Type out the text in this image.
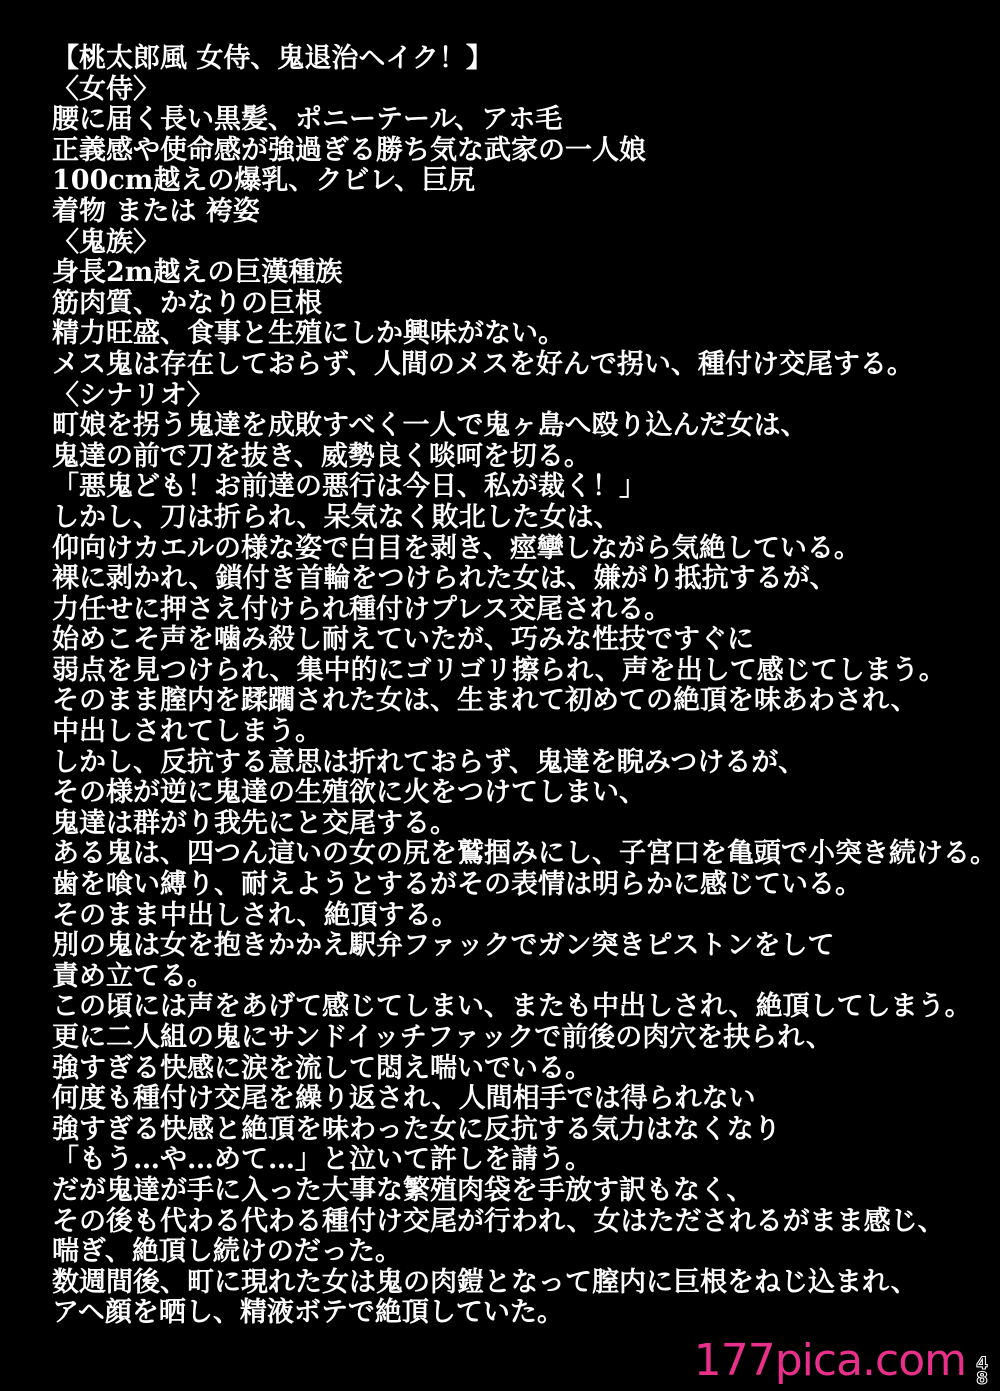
【桃太郎風 女侍、鬼退治ヘイク！】
〈女侍〉
腰に届く長い黒髪、ポニーテール、アホ毛
正義感や使命感が強過ぎる勝ち気な武家の一人娘
100cm越えの爆乳、クビレ、巨尻
着物 または 袴姿
〈鬼族〉
身長2m越えの巨漢種族
筋肉質、かなりの巨根
精力旺盛、食事と生殖にしか興味がない。
メス鬼は存在しておらず、人間のメスを好んで拐い、種付け交尾する。
〈シナリオ〉
町娘を拐う鬼達を成敗すべく一人で鬼ヶ島へ殴り込んだ女は、
鬼達の前で刀を抜き、威勢良く啖呵を切る。
「悪鬼ども！お前達の悪行は今日、私が裁く！」
しかし、刀は折られ、呆気なく敗北した女は、
仰向けカエルの様な姿で白目を剥き、痙攣しながら気絶している。
裸に剥かれ、鎖付き首輪をつけられた女は、嫌がり抵抗するが、
力任せに押さえ付けられ種付けプレス交尾される。
始めこそ声を噛み殺し耐えていたが、巧みな性技ですぐに
弱点を見つけられ、集中的にゴリゴリ擦られ、声を出して感じてしまう。
そのまま膣内を蹂躙された女は、生まれて初めての絶頂を味あわされ、
中出しされてしまう。
しかし、反抗する意思は折れておらず、鬼達を睨みつけるが、
その様が逆に鬼達の生殖欲に火をつけてしまい、
鬼達は群がり我先にと交尾する。
ある鬼は、四つん這いの女の尻を鷲掴みにし、子宮口を亀頭で小突き続ける。
歯を喰い縛り、耐えようとするがその表情は明らかに感じている。
そのまま中出しされ、絶頂する。
別の鬼は女を抱きかかえ駅弁ファックでガン突きピストンをして
責め立てる。
この頃には声をあげて感じてしまい、またも中出しされ、絶頂してしまう。
更に二人組の鬼にサンドイッチファックで前後の肉穴を抉られ、
強すぎる快感に涙を流して悶え喘いでいる。
何度も種付け交尾を繰り返され、人間相手では得られない
強すぎる快感と絶頂を味わった女に反抗する気力はなくなり
「もう…や…めて…」と泣いて許しを請う。
だが鬼達が手に入った大事な繁殖肉袋を手放す訳もなく、
その後も代わる代わる種付け交尾が行われ、女はただされるがまま感じ、
喘ぎ、絶頂し続けのだった。
数週間後、町に現れた女は鬼の肉鎧となって膣内に巨根をねじ込まれ、
アヘ顔を晒し、精液ボテで絶頂していた。
177pica.com 4
8
